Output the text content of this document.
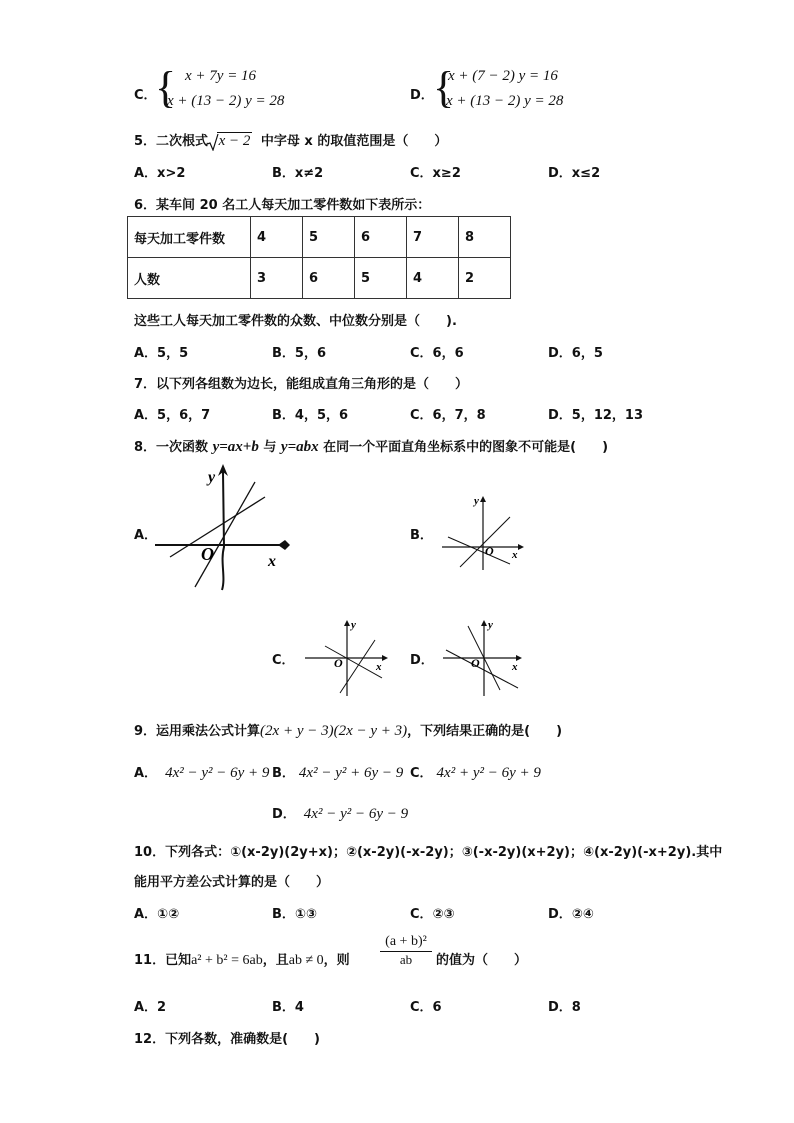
C．
{ x + 7y = 16
x + (13 − 2) y = 28	D． {
x + (7 − 2) y = 16
x + (13 − 2) y = 28
5．二次根式 x − 2 中字母 x 的取值范围是（　　）
A．x>2	B．x≠2	C．x≥2	D．x≤2
6．某车间 20 名工人每天加工零件数如下表所示：
每天加工零件数	4	5	6	7	8
人数	3	6	5	4	2
这些工人每天加工零件数的众数、中位数分别是（　　).
A．5，5	B．5，6	C．6，6	D．6，5
7．以下列各组数为边长，能组成直角三角形的是（　　）
A．5，6，7	B．4，5，6	C．6，7，8	D．5，12，13
8．一次函数 y=ax+b 与 y=abx 在同一个平面直角坐标系中的图象不可能是(　　)
A．
x
y
O
B．
x
y
O
C．	x
y
O	D．	x
y
O
9．运用乘法公式计算(2x + y − 3)(2x − y + 3)，下列结果正确的是(　　)
A． 4x² − y² − 6y + 9 B． 4x² − y² + 6y − 9 C． 4x² + y² − 6y + 9
D． 4x² − y² − 6y − 9
10．下列各式：①(x-2y)(2y+x)；②(x-2y)(-x-2y)；③(-x-2y)(x+2y)；④(x-2y)(-x+2y).其中
能用平方差公式计算的是（　　）
A．①②	B．①③	C．②③	D．②④
11．已知a² + b² = 6ab，且ab ≠ 0，则 $\frac{\text{(a + b)²}}{ab}$ 的值为（　　）
A．2	B．4	C．6	D．8
12．下列各数，准确数是(　　)
